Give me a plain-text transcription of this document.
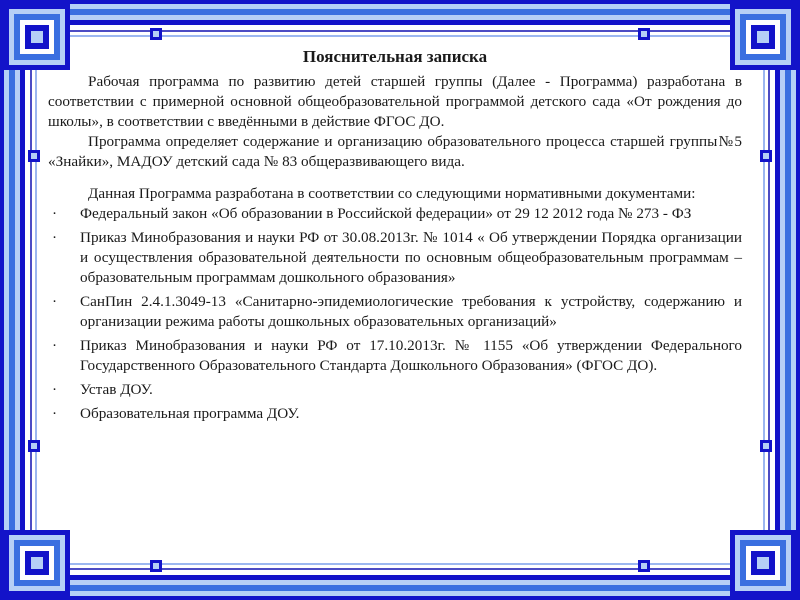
Пояснительная записка

Рабочая программа по развитию детей старшей группы (Далее - Программа) разработана в соответствии с примерной основной общеобразовательной программой детского сада «От рождения до школы», в соответствии с введёнными в действие ФГОС ДО.

Программа определяет содержание и организацию образовательного процесса старшей группы№5 «Знайки», МАДОУ детский сада № 83 общеразвивающего вида.

Данная Программа разработана в соответствии со следующими нормативными документами:

·	Федеральный закон «Об образовании в Российской федерации» от 29 12 2012 года № 273 - ФЗ
·	Приказ Минобразования и науки РФ от 30.08.2013г. № 1014 « Об утверждении Порядка организации и осуществления образовательной деятельности по основным общеобразовательным программам – образовательным программам дошкольного образования»
·	СанПин 2.4.1.3049-13 «Санитарно-эпидемиологические требования к устройству, содержанию и организации режима работы дошкольных образовательных организаций»
·	Приказ Минобразования и науки РФ от 17.10.2013г. № 1155 «Об утверждении Федерального Государственного Образовательного Стандарта Дошкольного Образования» (ФГОС ДО).
·	Устав ДОУ.
·	Образовательная программа ДОУ.
